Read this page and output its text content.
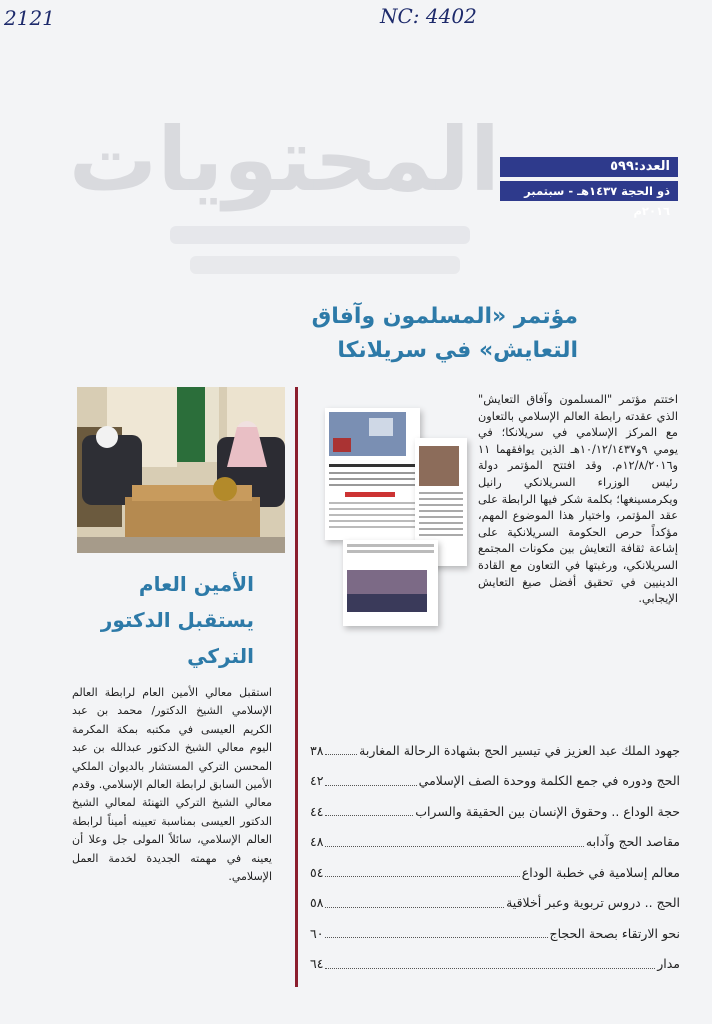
2121	NC: 4402
المحتويات	العدد:٥٩٩
ذو الحجة ١٤٣٧هـ - سبتمبر ٢٠١٦م
مؤتمر «المسلمون وآفاق
التعايش» في سريلانكا
اختتم مؤتمر "المسلمون وآفاق التعايش" الذي عقدته رابطة العالم الإسلامي بالتعاون مع المركز الإسلامي في سريلانكا؛ في يومي ٩و١٠/١٢/١٤٣٧هـ الذين يوافقهما ١١ و١٢/٨/٢٠١٦م. وقد افتتح المؤتمر دولة رئيس الوزراء السريلانكي رانيل ويكرمسينغها؛ بكلمة شكر فيها الرابطة على عقد المؤتمر، واختيار هذا الموضوع المهم، مؤكداً حرص الحكومة السريلانكية على إشاعة ثقافة التعايش بين مكونات المجتمع السريلانكي، ورغبتها في التعاون مع القادة الدينيين في تحقيق أفضل صيغ التعايش الإيجابي.
الأمين العام
يستقبل الدكتور
التركي
استقبل معالي الأمين العام لرابطة العالم الإسلامي الشيخ الدكتور/ محمد بن عبد الكريم العيسى في مكتبه بمكة المكرمة اليوم معالي الشيخ الدكتور عبدالله بن عبد المحسن التركي المستشار بالديوان الملكي الأمين السابق لرابطة العالم الإسلامي. وقدم معالي الشيخ التركي التهنئة لمعالي الشيخ الدكتور العيسى بمناسبة تعيينه أميناً لرابطة العالم الإسلامي، سائلاً المولى جل وعلا أن يعينه في مهمته الجديدة لخدمة العمل الإسلامي.
جهود الملك عبد العزيز في تيسير الحج بشهادة الرحالة المغاربة
٣٨
الحج ودوره في جمع الكلمة ووحدة الصف الإسلامي
٤٢
حجة الوداع .. وحقوق الإنسان بين الحقيقة والسراب
٤٤
مقاصد الحج وآدابه
٤٨
معالم إسلامية في خطبة الوداع
٥٤
الحج .. دروس تربوية وعبر أخلاقية
٥٨
نحو الارتقاء بصحة الحجاج
٦٠
مدار
٦٤
